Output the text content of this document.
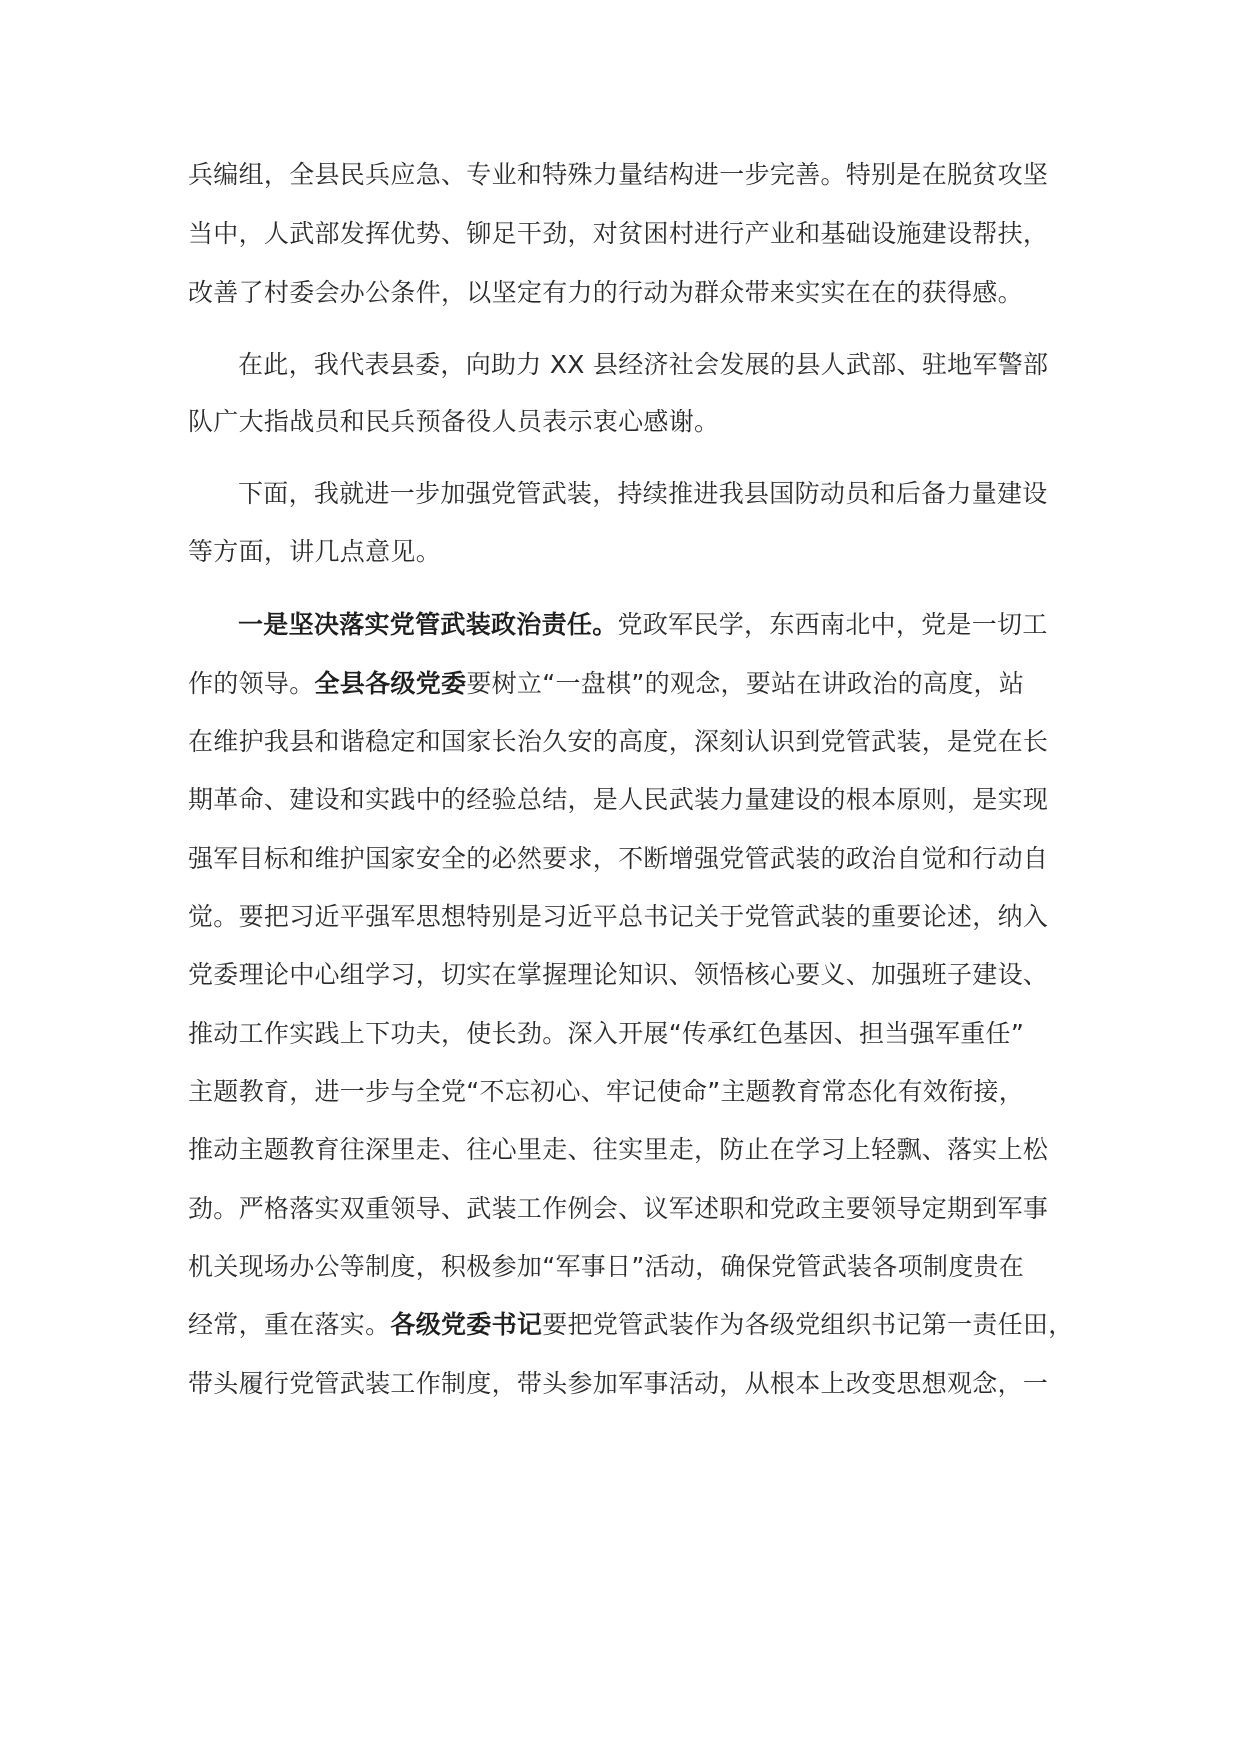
兵编组，全县民兵应急、专业和特殊力量结构进一步完善。特别是在脱贫攻坚
当中，人武部发挥优势、铆足干劲，对贫困村进行产业和基础设施建设帮扶，
改善了村委会办公条件，以坚定有力的行动为群众带来实实在在的获得感。
在此，我代表县委，向助力 XX 县经济社会发展的县人武部、驻地军警部
队广大指战员和民兵预备役人员表示衷心感谢。
下面，我就进一步加强党管武装，持续推进我县国防动员和后备力量建设
等方面，讲几点意见。
一是坚决落实党管武装政治责任。党政军民学，东西南北中，党是一切工
作的领导。全县各级党委要树立“一盘棋”的观念，要站在讲政治的高度，站
在维护我县和谐稳定和国家长治久安的高度，深刻认识到党管武装，是党在长
期革命、建设和实践中的经验总结，是人民武装力量建设的根本原则，是实现
强军目标和维护国家安全的必然要求，不断增强党管武装的政治自觉和行动自
觉。要把习近平强军思想特别是习近平总书记关于党管武装的重要论述，纳入
党委理论中心组学习，切实在掌握理论知识、领悟核心要义、加强班子建设、
推动工作实践上下功夫，使长劲。深入开展“传承红色基因、担当强军重任”
主题教育，进一步与全党“不忘初心、牢记使命”主题教育常态化有效衔接，
推动主题教育往深里走、往心里走、往实里走，防止在学习上轻飘、落实上松
劲。严格落实双重领导、武装工作例会、议军述职和党政主要领导定期到军事
机关现场办公等制度，积极参加“军事日”活动，确保党管武装各项制度贵在
经常，重在落实。各级党委书记要把党管武装作为各级党组织书记第一责任田，
带头履行党管武装工作制度，带头参加军事活动，从根本上改变思想观念，一
